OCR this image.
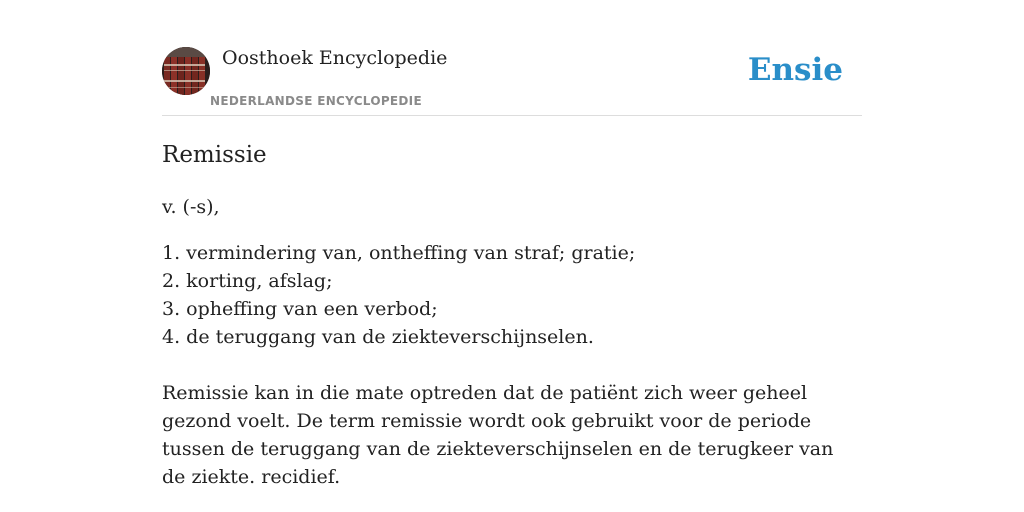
Oosthoek Encyclopedie
NEDERLANDSE ENCYCLOPEDIE
Ensie
Remissie
v. (-s),
1. vermindering van, ontheffing van straf; gratie;
2. korting, afslag;
3. opheffing van een verbod;
4. de teruggang van de ziekteverschijnselen.

Remissie kan in die mate optreden dat de patiënt zich weer geheel gezond voelt. De term remissie wordt ook gebruikt voor de periode tussen de teruggang van de ziekteverschijnselen en de terugkeer van de ziekte. recidief.
